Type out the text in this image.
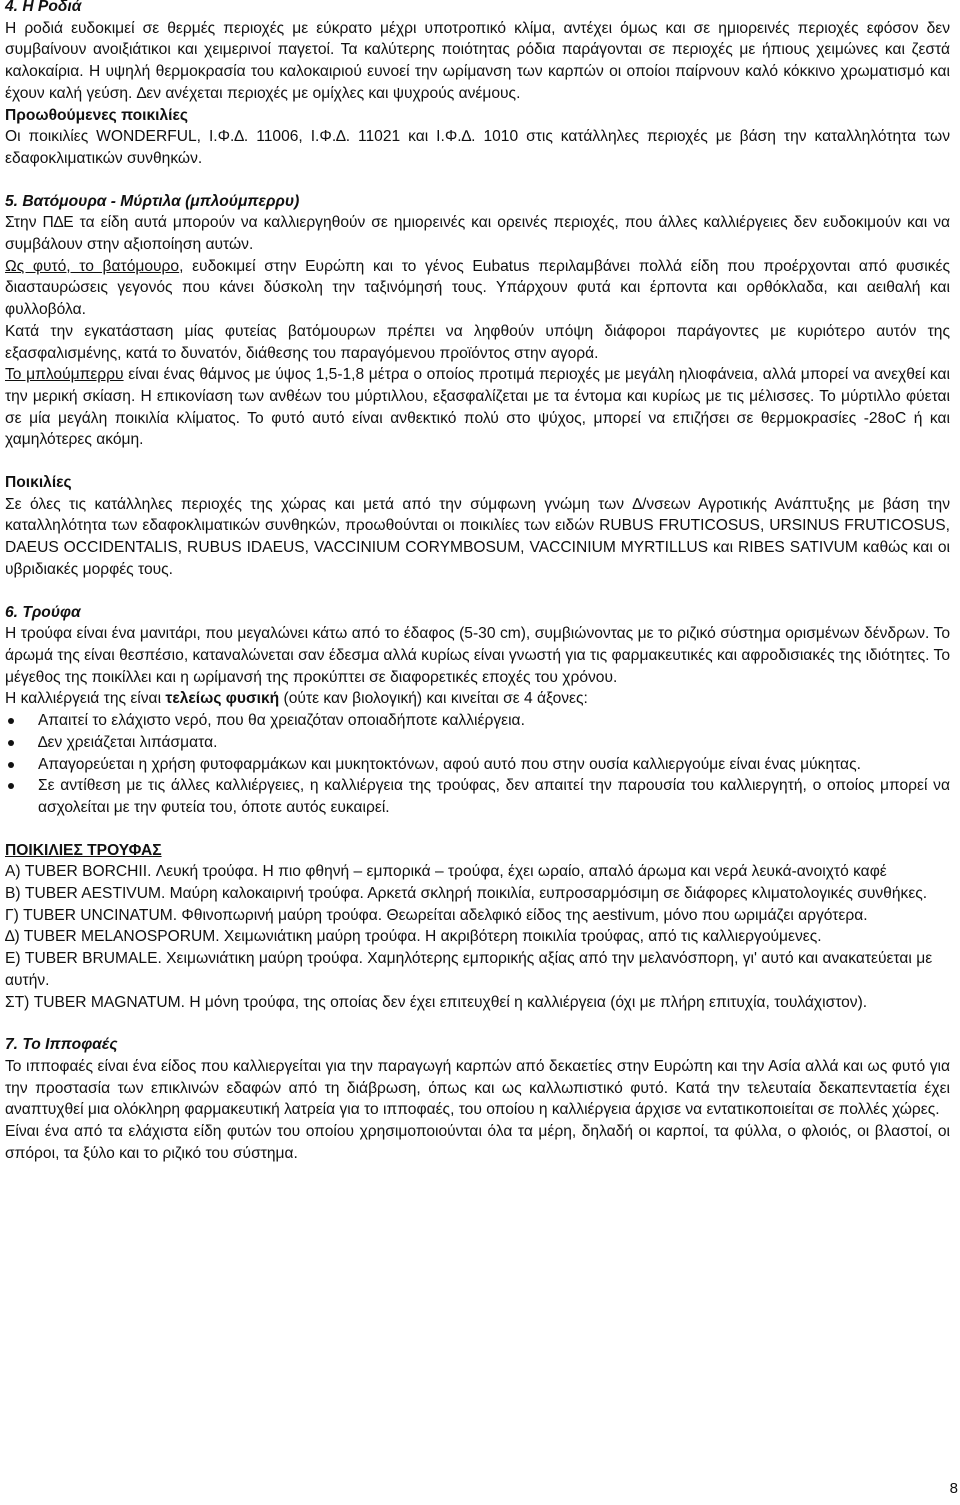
4. Η Ροδιά

Η ροδιά ευδοκιμεί σε θερμές περιοχές με εύκρατο μέχρι υποτροπικό κλίμα, αντέχει όμως και σε ημιορεινές περιοχές εφόσον δεν συμβαίνουν ανοιξιάτικοι και χειμερινοί παγετοί. Τα καλύτερης ποιότητας ρόδια παράγονται σε περιοχές με ήπιους χειμώνες και ζεστά καλοκαίρια. Η υψηλή θερμοκρασία του καλοκαιριού ευνοεί την ωρίμανση των καρπών οι οποίοι παίρνουν καλό κόκκινο χρωματισμό και έχουν καλή γεύση. ∆εν ανέχεται περιοχές με ομίχλες και ψυχρούς ανέμους.

Προωθούμενες ποικιλίες

Οι ποικιλίες WONDERFUL, Ι.Φ.∆. 11006, Ι.Φ.∆. 11021 και Ι.Φ.∆. 1010 στις κατάλληλες περιοχές με βάση την καταλληλότητα των εδαφοκλιματικών συνθηκών.

5. Βατόμουρα - Μύρτιλα (μπλούμπερρυ)

Στην Π∆Ε τα είδη αυτά μπορούν να καλλιεργηθούν σε ημιορεινές και ορεινές περιοχές, που άλλες καλλιέργειες δεν ευδοκιμούν και να συμβάλουν στην αξιοποίηση αυτών.

Ως φυτό, το βατόμουρο, ευδοκιμεί στην Ευρώπη και το γένος Eubatus περιλαμβάνει πολλά είδη που προέρχονται από φυσικές διασταυρώσεις γεγονός που κάνει δύσκολη την ταξινόμησή τους. Υπάρχουν φυτά και έρποντα και ορθόκλαδα, και αειθαλή και φυλλοβόλα.

Κατά την εγκατάσταση μίας φυτείας βατόμουρων πρέπει να ληφθούν υπόψη διάφοροι παράγοντες με κυριότερο αυτόν της εξασφαλισμένης, κατά το δυνατόν, διάθεσης του παραγόμενου προϊόντος στην αγορά.

Το μπλούμπερρυ είναι ένας θάμνος με ύψος 1,5-1,8 μέτρα ο οποίος προτιμά περιοχές με μεγάλη ηλιοφάνεια, αλλά μπορεί να ανεχθεί και την μερική σκίαση. Η επικονίαση των ανθέων του μύρτιλλου, εξασφαλίζεται με τα έντομα και κυρίως με τις μέλισσες. Το μύρτιλλο φύεται σε μία μεγάλη ποικιλία κλίματος. Το φυτό αυτό είναι ανθεκτικό πολύ στο ψύχος, μπορεί να επιζήσει σε θερμοκρασίες -28oC ή και χαμηλότερες ακόμη.

Ποικιλίες

Σε όλες τις κατάλληλες περιοχές της χώρας και μετά από την σύμφωνη γνώμη των ∆/νσεων Αγροτικής Ανάπτυξης με βάση την καταλληλότητα των εδαφοκλιματικών συνθηκών, προωθούνται οι ποικιλίες των ειδών RUBUS FRUTICOSUS, URSINUS FRUTICOSUS, DAEUS OCCIDENTALIS, RUBUS IDAEUS, VACCINIUM CORYMBOSUM, VACCINIUM MYRTILLUS και RIBES SATIVUM καθώς και οι υβριδιακές μορφές τους.

6. Τρούφα

Η τρούφα είναι ένα μανιτάρι, που μεγαλώνει κάτω από το έδαφος (5-30 cm), συμβιώνοντας με το ριζικό σύστημα ορισμένων δένδρων. Το άρωμά της είναι θεσπέσιο, καταναλώνεται σαν έδεσμα αλλά κυρίως είναι γνωστή για τις φαρμακευτικές και αφροδισιακές της ιδιότητες. Το μέγεθος της ποικίλλει και η ωρίμανσή της προκύπτει σε διαφορετικές εποχές του χρόνου.

Η καλλιέργειά της είναι τελείως φυσική (ούτε καν βιολογική) και κινείται σε 4 άξονες:

Απαιτεί το ελάχιστο νερό, που θα χρειαζόταν οποιαδήποτε καλλιέργεια.
∆εν χρειάζεται λιπάσματα.
Απαγορεύεται η χρήση φυτοφαρμάκων και μυκητοκτόνων, αφού αυτό που στην ουσία καλλιεργούμε είναι ένας μύκητας.
Σε αντίθεση με τις άλλες καλλιέργειες, η καλλιέργεια της τρούφας, δεν απαιτεί την παρουσία του καλλιεργητή, ο οποίος μπορεί να ασχολείται με την φυτεία του, όποτε αυτός ευκαιρεί.

ΠΟΙΚΙΛΙΕΣ ΤΡΟΥΦΑΣ

Α) TUBER BORCHII. Λευκή τρούφα. Η πιο φθηνή – εμπορικά – τρούφα, έχει ωραίο, απαλό άρωμα και νερά λευκά-ανοιχτό καφέ

Β) TUBER AESTIVUM. Μαύρη καλοκαιρινή τρούφα. Αρκετά σκληρή ποικιλία, ευπροσαρμόσιμη σε διάφορες κλιματολογικές συνθήκες.

Γ) TUBER UNCINATUM. Φθινοπωρινή μαύρη τρούφα. Θεωρείται αδελφικό είδος της aestivum, μόνο που ωριμάζει αργότερα.

∆) TUBER MELANOSPORUM. Χειμωνιάτικη μαύρη τρούφα. Η ακριβότερη ποικιλία τρούφας, από τις καλλιεργούμενες.

Ε) TUBER BRUMALE. Χειμωνιάτικη μαύρη τρούφα. Χαμηλότερης εμπορικής αξίας από την μελανόσπορη, γι' αυτό και ανακατεύεται με αυτήν.

ΣΤ) TUBER MAGNATUM. Η μόνη τρούφα, της οποίας δεν έχει επιτευχθεί η καλλιέργεια (όχι με πλήρη επιτυχία, τουλάχιστον).

7. Το Ιπποφαές

Το ιπποφαές είναι ένα είδος που καλλιεργείται για την παραγωγή καρπών από δεκαετίες στην Ευρώπη και την Ασία αλλά και ως φυτό για την προστασία των επικλινών εδαφών από τη διάβρωση, όπως και ως καλλωπιστικό φυτό. Κατά την τελευταία δεκαπενταετία έχει αναπτυχθεί μια ολόκληρη φαρμακευτική λατρεία για το ιπποφαές, του οποίου η καλλιέργεια άρχισε να εντατικοποιείται σε πολλές χώρες.

Είναι ένα από τα ελάχιστα είδη φυτών του οποίου χρησιμοποιούνται όλα τα μέρη, δηλαδή οι καρποί, τα φύλλα, ο φλοιός, οι βλαστοί, οι σπόροι, τα ξύλο και το ριζικό του σύστημα.

8
